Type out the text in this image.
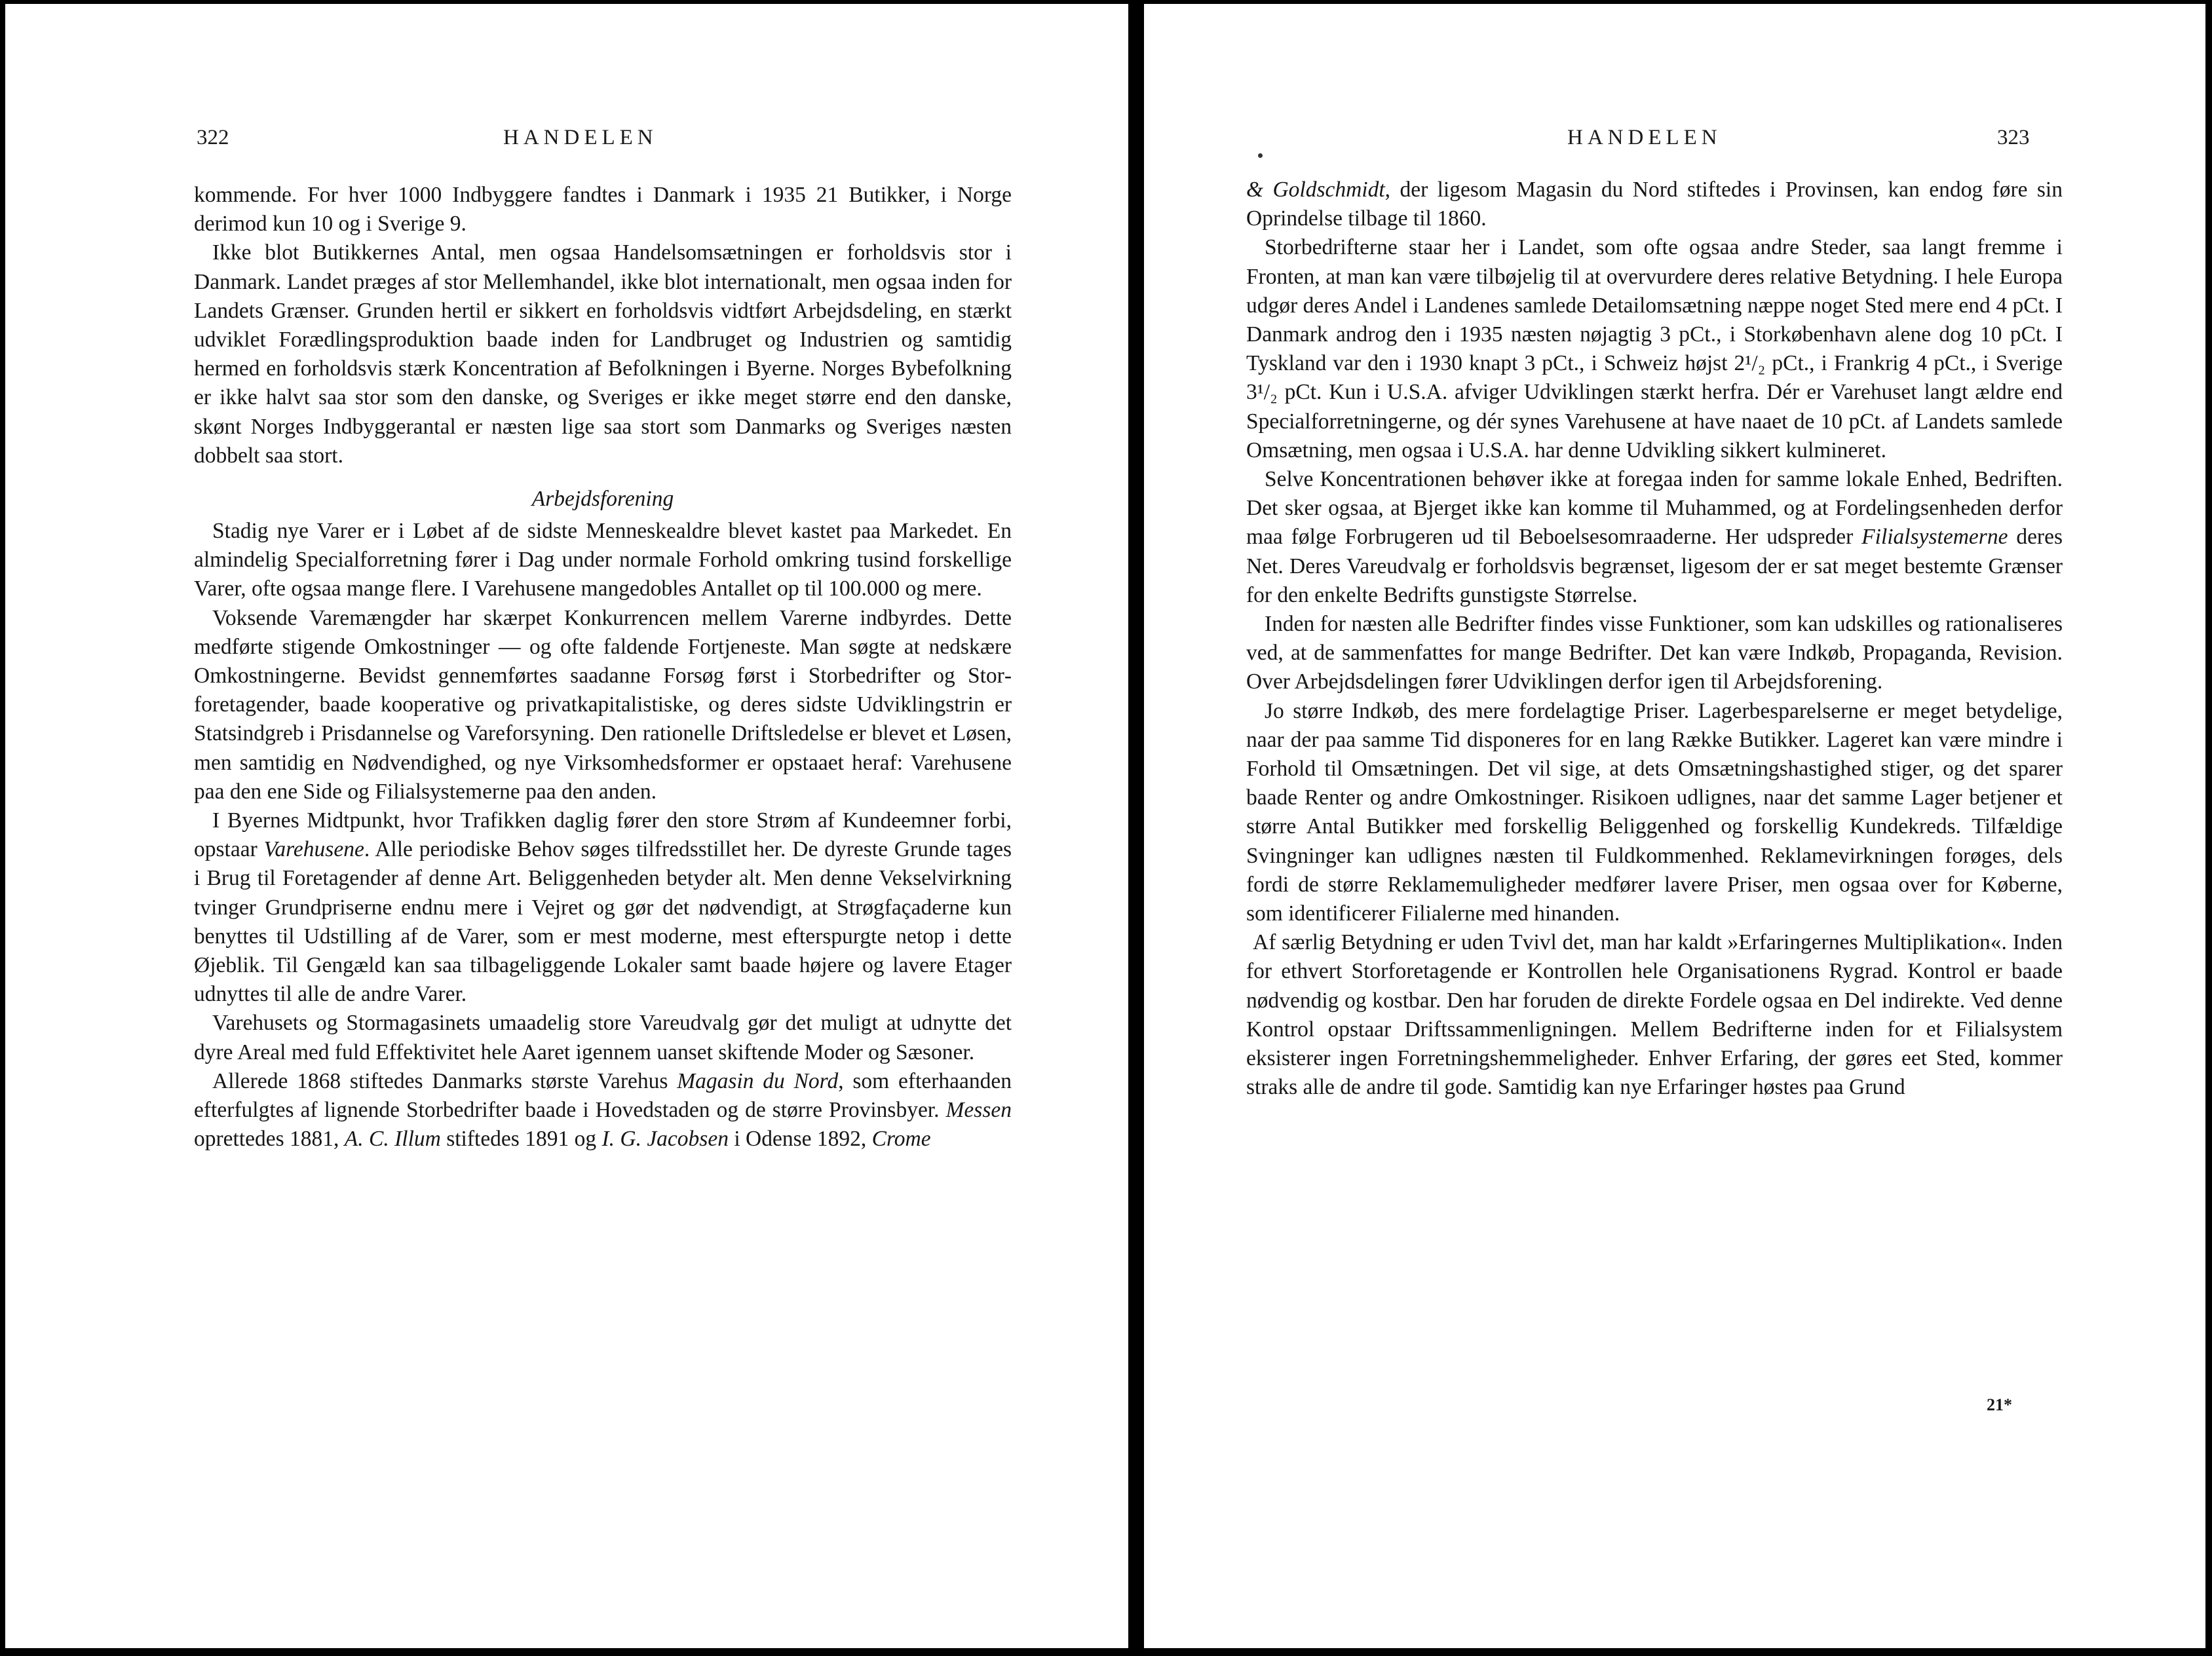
322	HANDELEN

kommende. For hver 1000 Indbyggere fandtes i Danmark i 1935 21 Butikker, i Norge derimod kun 10 og i Sverige 9.

Ikke blot Butikkernes Antal, men ogsaa Handelsomsætningen er forholdsvis stor i Danmark. Landet præges af stor Mellemhandel, ikke blot internationalt, men ogsaa inden for Landets Grænser. Grunden hertil er sikkert en forholdsvis vidtført Arbejdsdeling, en stærkt udviklet Forædlingsproduktion baade inden for Landbruget og Industrien og samtidig hermed en forholdsvis stærk Koncentration af Befolkningen i Byerne. Norges Bybefolkning er ikke halvt saa stor som den danske, og Sveriges er ikke meget større end den danske, skønt Norges Indbyggerantal er næsten lige saa stort som Danmarks og Sveriges næsten dobbelt saa stort.

Arbejdsforening

Stadig nye Varer er i Løbet af de sidste Menneskealdre blevet kastet paa Markedet. En almindelig Specialforretning fører i Dag under normale Forhold omkring tusind forskellige Varer, ofte ogsaa mange flere. I Varehusene mangedobles Antallet op til 100.000 og mere.

Voksende Varemængder har skærpet Konkurrencen mellem Varerne indbyrdes. Dette medførte stigende Omkostninger — og ofte faldende Fortjeneste. Man søgte at nedskære Omkostningerne. Bevidst gennemførtes saadanne Forsøg først i Storbedrifter og Storforetagender, baade kooperative og privatkapitalistiske, og deres sidste Udviklingstrin er Statsindgreb i Prisdannelse og Vareforsyning. Den rationelle Driftsledelse er blevet et Løsen, men samtidig en Nødvendighed, og nye Virksomhedsformer er opstaaet heraf: Varehusene paa den ene Side og Filialsystemerne paa den anden.

I Byernes Midtpunkt, hvor Trafikken daglig fører den store Strøm af Kundeemner forbi, opstaar Varehusene. Alle periodiske Behov søges tilfredsstillet her. De dyreste Grunde tages i Brug til Foretagender af denne Art. Beliggenheden betyder alt. Men denne Vekselvirkning tvinger Grundpriserne endnu mere i Vejret og gør det nødvendigt, at Strøgfaçaderne kun benyttes til Udstilling af de Varer, som er mest moderne, mest efterspurgte netop i dette Øjeblik. Til Gengæld kan saa tilbageliggende Lokaler samt baade højere og lavere Etager udnyttes til alle de andre Varer.

Varehusets og Stormagasinets umaadelig store Vareudvalg gør det muligt at udnytte det dyre Areal med fuld Effektivitet hele Aaret igennem uanset skiftende Moder og Sæsoner.

Allerede 1868 stiftedes Danmarks største Varehus Magasin du Nord, som efterhaanden efterfulgtes af lignende Storbedrifter baade i Hovedstaden og de større Provinsbyer. Messen oprettedes 1881, A. C. Illum stiftedes 1891 og I. G. Jacobsen i Odense 1892, Crome

HANDELEN	323

& Goldschmidt, der ligesom Magasin du Nord stiftedes i Provinsen, kan endog føre sin Oprindelse tilbage til 1860.

Storbedrifterne staar her i Landet, som ofte ogsaa andre Steder, saa langt fremme i Fronten, at man kan være tilbøjelig til at overvurdere deres relative Betydning. I hele Europa udgør deres Andel i Landenes samlede Detailomsætning næppe noget Sted mere end 4 pCt. I Danmark androg den i 1935 næsten nøjagtig 3 pCt., i Storkøbenhavn alene dog 10 pCt. I Tyskland var den i 1930 knapt 3 pCt., i Schweiz højst 2¹/₂ pCt., i Frankrig 4 pCt., i Sverige 3¹/₂ pCt. Kun i U.S.A. afviger Udviklingen stærkt herfra. Dér er Varehuset langt ældre end Specialforretningerne, og dér synes Varehusene at have naaet de 10 pCt. af Landets samlede Omsætning, men ogsaa i U.S.A. har denne Udvikling sikkert kulmineret.

Selve Koncentrationen behøver ikke at foregaa inden for samme lokale Enhed, Bedriften. Det sker ogsaa, at Bjerget ikke kan komme til Muhammed, og at Fordelingsenheden derfor maa følge Forbrugeren ud til Beboelsesomraaderne. Her udspreder Filialsystemerne deres Net. Deres Vareudvalg er forholdsvis begrænset, ligesom der er sat meget bestemte Grænser for den enkelte Bedrifts gunstigste Størrelse.

Inden for næsten alle Bedrifter findes visse Funktioner, som kan udskilles og rationaliseres ved, at de sammenfattes for mange Bedrifter. Det kan være Indkøb, Propaganda, Revision. Over Arbejdsdelingen fører Udviklingen derfor igen til Arbejdsforening.

Jo større Indkøb, des mere fordelagtige Priser. Lagerbesparelserne er meget betydelige, naar der paa samme Tid disponeres for en lang Række Butikker. Lageret kan være mindre i Forhold til Omsætningen. Det vil sige, at dets Omsætningshastighed stiger, og det sparer baade Renter og andre Omkostninger. Risikoen udlignes, naar det samme Lager betjener et større Antal Butikker med forskellig Beliggenhed og forskellig Kundekreds. Tilfældige Svingninger kan udlignes næsten til Fuldkommenhed. Reklamevirkningen forøges, dels fordi de større Reklamemuligheder medfører lavere Priser, men ogsaa over for Køberne, som identificerer Filialerne med hinanden.

Af særlig Betydning er uden Tvivl det, man har kaldt »Erfaringernes Multiplikation«. Inden for ethvert Storforetagende er Kontrollen hele Organisationens Rygrad. Kontrol er baade nødvendig og kostbar. Den har foruden de direkte Fordele ogsaa en Del indirekte. Ved denne Kontrol opstaar Driftssammenligningen. Mellem Bedrifterne inden for et Filialsystem eksisterer ingen Forretningshemmeligheder. Enhver Erfaring, der gøres eet Sted, kommer straks alle de andre til gode. Samtidig kan nye Erfaringer høstes paa Grund

21*
